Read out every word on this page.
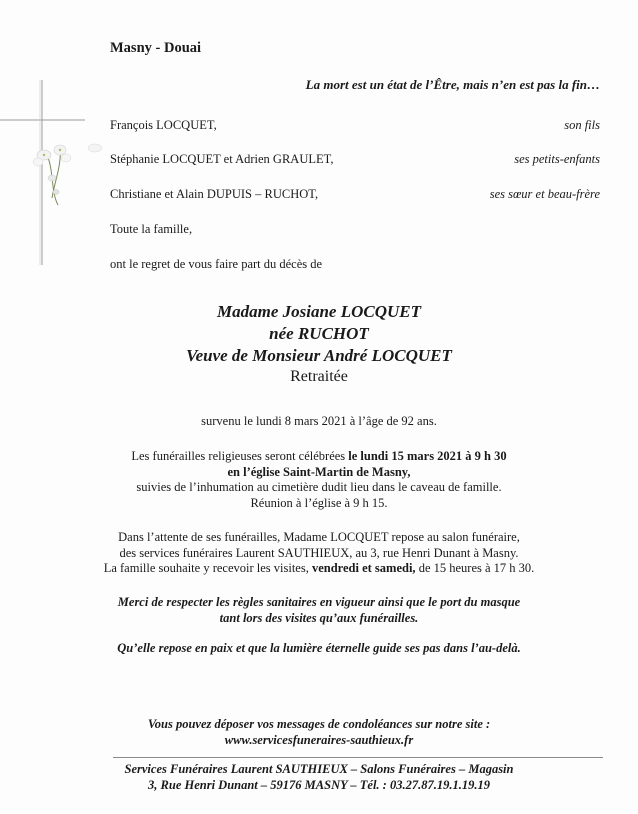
Masny - Douai
La mort est un état de l’Être, mais n’en est pas la fin…
François LOCQUET,	son fils
Stéphanie LOCQUET et Adrien GRAULET,	ses petits-enfants
Christiane et Alain DUPUIS – RUCHOT,	ses sœur et beau-frère
Toute la famille,
ont le regret de vous faire part du décès de
Madame Josiane LOCQUET
née RUCHOT
Veuve de Monsieur André LOCQUET
Retraitée
survenu le lundi 8 mars 2021 à l’âge de 92 ans.
Les funérailles religieuses seront célébrées le lundi 15 mars 2021 à 9 h 30
en l’église Saint-Martin de Masny,
suivies de l’inhumation au cimetière dudit lieu dans le caveau de famille.
Réunion à l’église à 9 h 15.
Dans l’attente de ses funérailles, Madame LOCQUET repose au salon funéraire,
des services funéraires Laurent SAUTHIEUX, au 3, rue Henri Dunant à Masny.
La famille souhaite y recevoir les visites, vendredi et samedi, de 15 heures à 17 h 30.
Merci de respecter les règles sanitaires en vigueur ainsi que le port du masque
tant lors des visites qu’aux funérailles.
Qu’elle repose en paix et que la lumière éternelle guide ses pas dans l’au-delà.
Vous pouvez déposer vos messages de condoléances sur notre site :
www.servicesfuneraires-sauthieux.fr
Services Funéraires Laurent SAUTHIEUX – Salons Funéraires – Magasin
3, Rue Henri Dunant – 59176 MASNY – Tél. : 03.27.87.19.1.19.19
